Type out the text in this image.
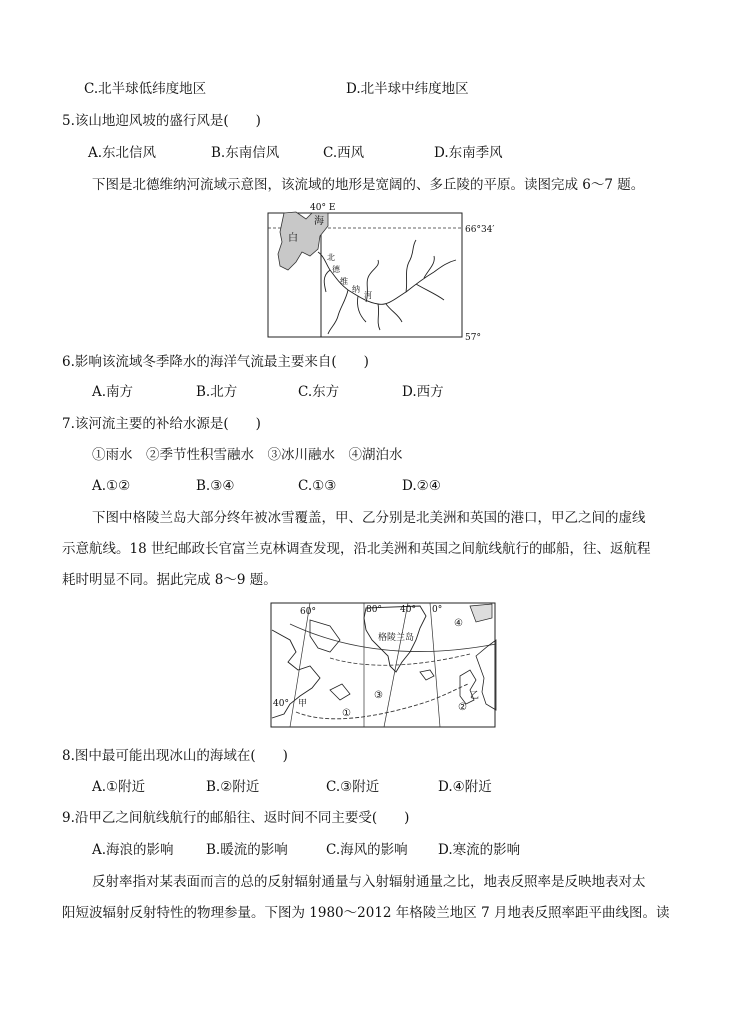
C.北半球低纬度地区	D.北半球中纬度地区
5.该山地迎风坡的盛行风是(　　)
A.东北信风	B.东南信风	C.西风	D.东南季风
下图是北德维纳河流域示意图，该流域的地形是宽阔的、多丘陵的平原。读图完成 6～7 题。
40° E
66°34′
57°
白
海
北
德
维
纳
河
6.影响该流域冬季降水的海洋气流最主要来自(　　)
A.南方	B.北方	C.东方	D.西方
7.该河流主要的补给水源是(　　)
①雨水　②季节性积雪融水　③冰川融水　④湖泊水
A.①②	B.③④	C.①③	D.②④
下图中格陵兰岛大部分终年被冰雪覆盖，甲、乙分别是北美洲和英国的港口，甲乙之间的虚线
示意航线。18 世纪邮政长官富兰克林调查发现，沿北美洲和英国之间航线航行的邮船，往、返航程
耗时明显不同。据此完成 8～9 题。
60°	80° 40° 0°
40°
格陵兰岛
甲
乙
①
②
③
④
8.图中最可能出现冰山的海域在(　　)
A.①附近	B.②附近	C.③附近	D.④附近
9.沿甲乙之间航线航行的邮船往、返时间不同主要受(　　)
A.海浪的影响 B.暖流的影响	C.海风的影响 D.寒流的影响
反射率指对某表面而言的总的反射辐射通量与入射辐射通量之比，地表反照率是反映地表对太
阳短波辐射反射特性的物理参量。下图为 1980～2012 年格陵兰地区 7 月地表反照率距平曲线图。读
